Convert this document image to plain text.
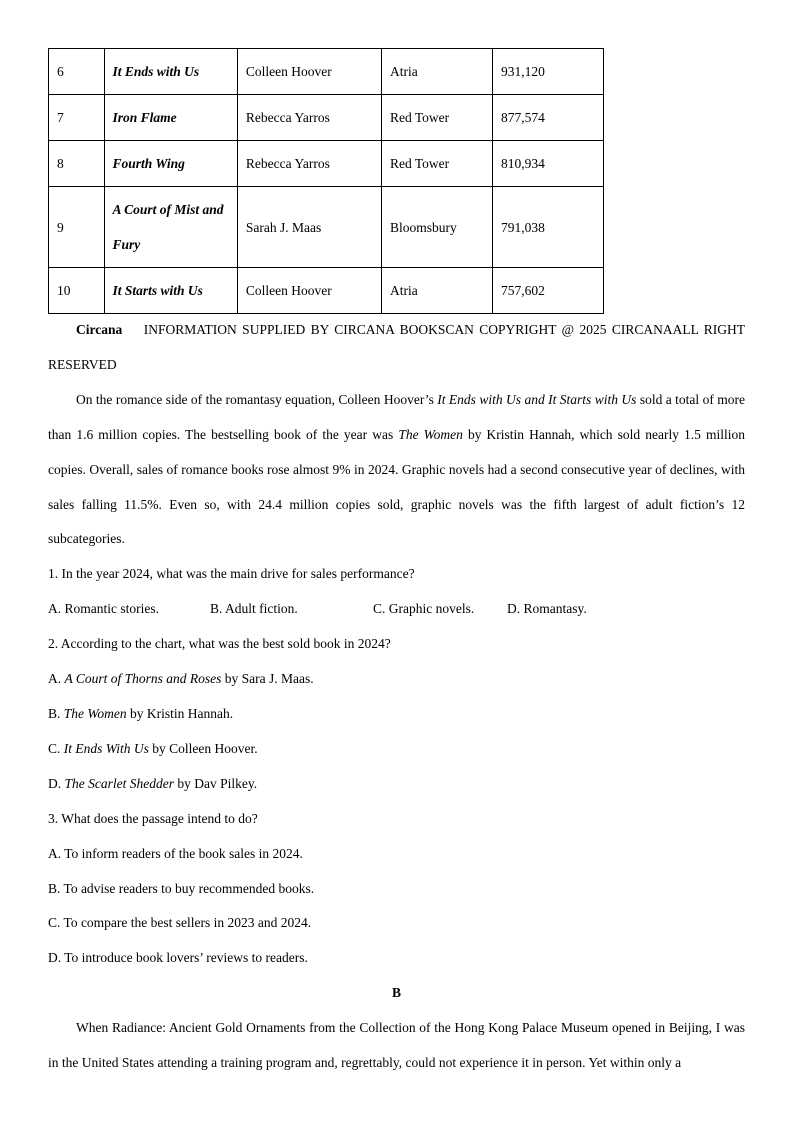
6	It Ends with Us	Colleen Hoover	Atria	931,120
7	Iron Flame	Rebecca Yarros	Red Tower	877,574
8	Fourth Wing	Rebecca Yarros	Red Tower	810,934
9	A Court of Mist and Fury	Sarah J. Maas	Bloomsbury	791,038
10	It Starts with Us	Colleen Hoover	Atria	757,602

Circana INFORMATION SUPPLIED BY CIRCANA BOOKSCAN COPYRIGHT @ 2025 CIRCANAALL RIGHT RESERVED

On the romance side of the romantasy equation, Colleen Hoover’s It Ends with Us and It Starts with Us sold a total of more than 1.6 million copies. The bestselling book of the year was The Women by Kristin Hannah, which sold nearly 1.5 million copies. Overall, sales of romance books rose almost 9% in 2024. Graphic novels had a second consecutive year of declines, with sales falling 11.5%. Even so, with 24.4 million copies sold, graphic novels was the fifth largest of adult fiction’s 12 subcategories.

1. In the year 2024, what was the main drive for sales performance?

A. Romantic stories.	B. Adult fiction.	C. Graphic novels.	D. Romantasy.

2. According to the chart, what was the best sold book in 2024?

A. A Court of Thorns and Roses by Sara J. Maas.

B. The Women by Kristin Hannah.

C. It Ends With Us by Colleen Hoover.

D. The Scarlet Shedder by Dav Pilkey.

3. What does the passage intend to do?

A. To inform readers of the book sales in 2024.

B. To advise readers to buy recommended books.

C. To compare the best sellers in 2023 and 2024.

D. To introduce book lovers’ reviews to readers.

B

When Radiance: Ancient Gold Ornaments from the Collection of the Hong Kong Palace Museum opened in Beijing, I was in the United States attending a training program and, regrettably, could not experience it in person. Yet within only a
